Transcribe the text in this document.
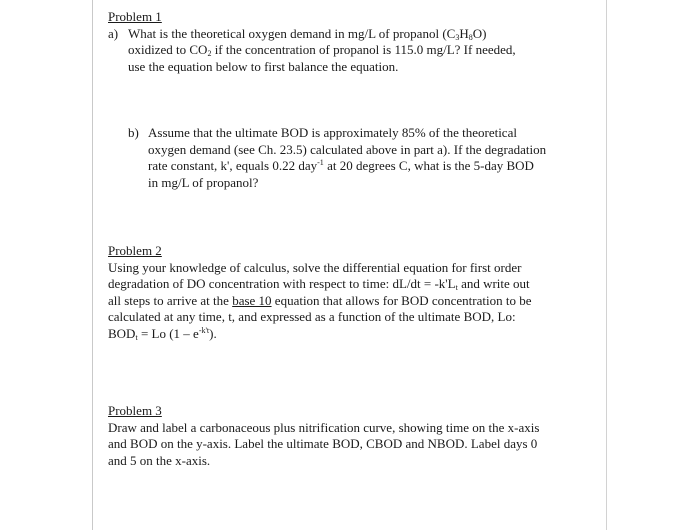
Problem 1
a) What is the theoretical oxygen demand in mg/L of propanol $(C_3H_8O)$
oxidized to $CO_2$ if the concentration of propanol is 115.0 mg/L? If needed,
use the equation below to first balance the equation.
b) Assume that the ultimate BOD is approximately 85% of the theoretical
oxygen demand (see Ch. 23.5) calculated above in part a). If the degradation
rate constant, k', equals 0.22 day$^{-1}$ at 20 degrees C, what is the 5-day BOD
in mg/L of propanol?
Problem 2
Using your knowledge of calculus, solve the differential equation for first order
degradation of DO concentration with respect to time: $dL/dt = -k'L_t$ and write out
all steps to arrive at the base 10 equation that allows for BOD concentration to be
calculated at any time, t, and expressed as a function of the ultimate BOD, Lo:
$BOD_t = Lo$ $(1 - e^{-k't})$.
Problem 3
Draw and label a carbonaceous plus nitrification curve, showing time on the x-axis
and BOD on the y-axis. Label the ultimate BOD, CBOD and NBOD. Label days 0
and 5 on the x-axis.
